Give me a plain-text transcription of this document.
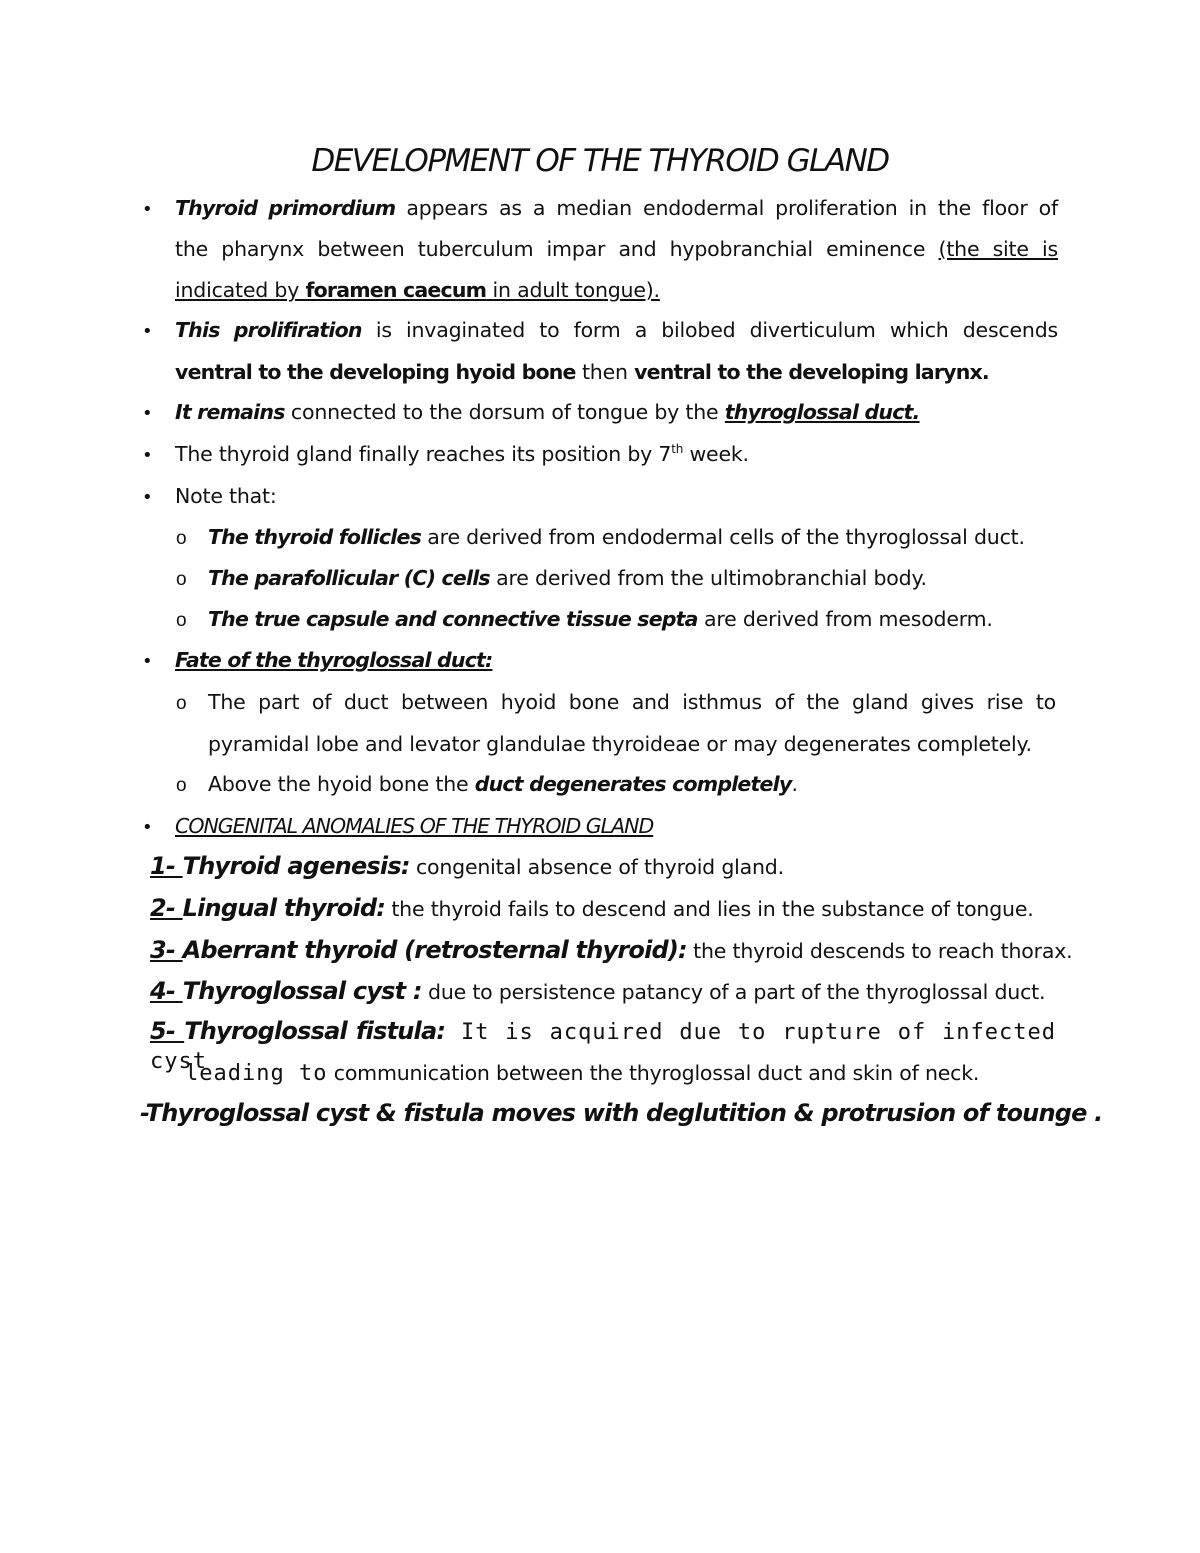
DEVELOPMENT OF THE THYROID GLAND
• Thyroid primordium appears as a median endodermal proliferation in the floor of
the pharynx between tuberculum impar and hypobranchial eminence (the site is
indicated by foramen caecum in adult tongue).
• This prolifiration is invaginated to form a bilobed diverticulum which descends
ventral to the developing hyoid bone then ventral to the developing larynx.
• It remains connected to the dorsum of tongue by the thyroglossal duct.
• The thyroid gland finally reaches its position by 7th week.
• Note that:
o The thyroid follicles are derived from endodermal cells of the thyroglossal duct.
o The parafollicular (C) cells are derived from the ultimobranchial body.
o The true capsule and connective tissue septa are derived from mesoderm.
• Fate of the thyroglossal duct:
o The part of duct between hyoid bone and isthmus of the gland gives rise to
pyramidal lobe and levator glandulae thyroideae or may degenerates completely.
o Above the hyoid bone the duct degenerates completely.
• CONGENITAL ANOMALIES OF THE THYROID GLAND
1- Thyroid agenesis: congenital absence of thyroid gland.
2- Lingual thyroid: the thyroid fails to descend and lies in the substance of tongue.
3- Aberrant thyroid (retrosternal thyroid): the thyroid descends to reach thorax.
4- Thyroglossal cyst : due to persistence patancy of a part of the thyroglossal duct.
5- Thyroglossal fistula: It is acquired due to rupture of infected cyst
leading to communication between the thyroglossal duct and skin of neck.
-Thyroglossal cyst & fistula moves with deglutition & protrusion of tounge .
